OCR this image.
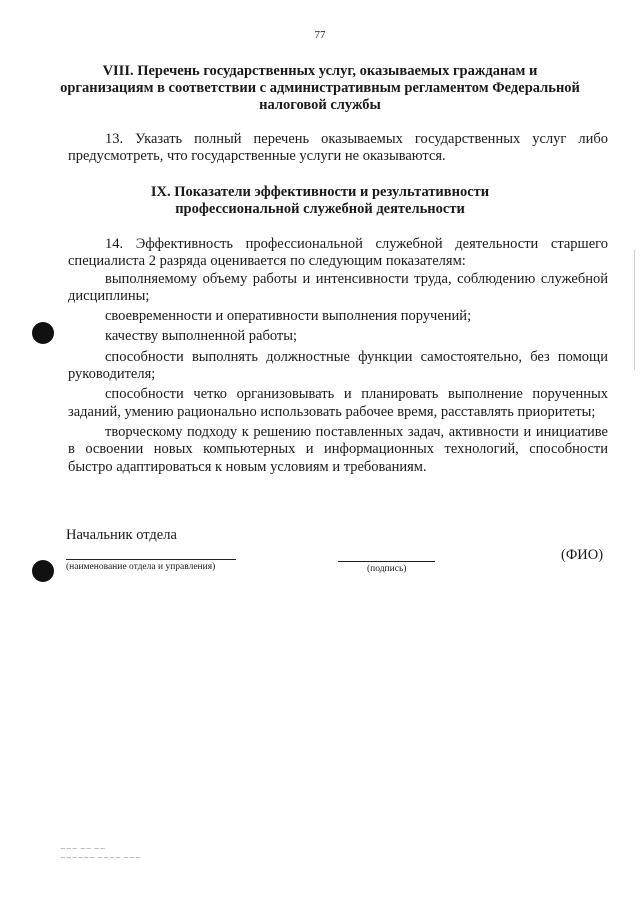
77
VIII. Перечень государственных услуг, оказываемых гражданам и организациям в соответствии с административным регламентом Федеральной налоговой службы

13. Указать полный перечень оказываемых государственных услуг либо предусмотреть, что государственные услуги не оказываются.

IX. Показатели эффективности и результативности профессиональной служебной деятельности

14. Эффективность профессиональной служебной деятельности старшего специалиста 2 разряда оценивается по следующим показателям:

выполняемому объему работы и интенсивности труда, соблюдению служебной дисциплины;

своевременности и оперативности выполнения поручений;

качеству выполненной работы;

способности выполнять должностные функции самостоятельно, без помощи руководителя;

способности четко организовывать и планировать выполнение порученных заданий, умению рационально использовать рабочее время, расставлять приоритеты;

творческому подходу к решению поставленных задач, активности и инициативе в освоении новых компьютерных и информационных технологий, способности быстро адаптироваться к новым условиям и требованиям.

Начальник отдела
(наименование отдела и управления)	(подпись)
(ФИО)
~~~ ~~ ~~
~~~~~~ ~~~~ ~~~
